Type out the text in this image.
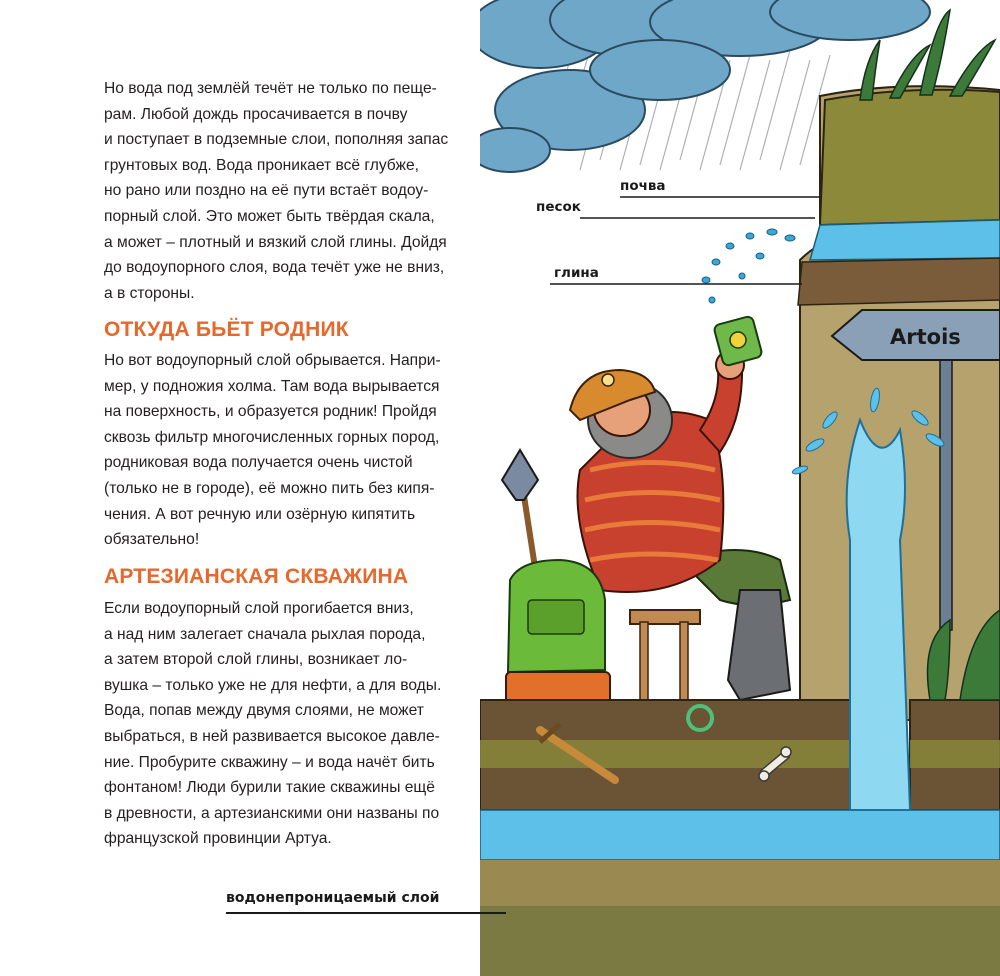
Но вода под землёй течёт не только по пеще-
рам. Любой дождь просачивается в почву
и поступает в подземные слои, пополняя запас
грунтовых вод. Вода проникает всё глубже,
но рано или поздно на её пути встаёт водоу-
порный слой. Это может быть твёрдая скала,
а может – плотный и вязкий слой глины. Дойдя
до водоупорного слоя, вода течёт уже не вниз,
а в стороны.

ОТКУДА БЬЁТ РОДНИК

Но вот водоупорный слой обрывается. Напри-
мер, у подножия холма. Там вода вырывается
на поверхность, и образуется родник! Пройдя
сквозь фильтр многочисленных горных пород,
родниковая вода получается очень чистой
(только не в городе), её можно пить без кипя-
чения. А вот речную или озёрную кипятить
обязательно!

АРТЕЗИАНСКАЯ СКВАЖИНА

Если водоупорный слой прогибается вниз,
а над ним залегает сначала рыхлая порода,
а затем второй слой глины, возникает ло-
вушка – только уже не для нефти, а для воды.
Вода, попав между двумя слоями, не может
выбраться, в ней развивается высокое давле-
ние. Пробурите скважину – и вода начёт бить
фонтаном! Люди бурили такие скважины ещё
в древности, а артезианскими они названы по
французской провинции Артуа.

почва
песок
глина
Artois
водонепроницаемый слой
